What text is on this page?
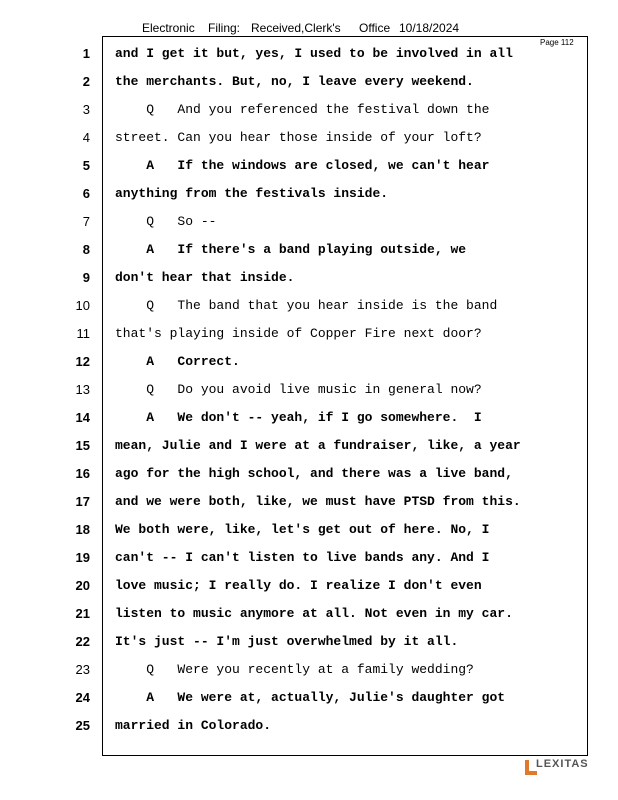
Electronic Filing: Received,Clerk's Office 10/18/2024
Page 112
1 and I get it but, yes, I used to be involved in all
2 the merchants. But, no, I leave every weekend.
3 Q   And you referenced the festival down the
4 street. Can you hear those inside of your loft?
5 A   If the windows are closed, we can't hear
6 anything from the festivals inside.
7 Q   So --
8 A   If there's a band playing outside, we
9 don't hear that inside.
10 Q   The band that you hear inside is the band
11 that's playing inside of Copper Fire next door?
12 A   Correct.
13 Q   Do you avoid live music in general now?
14 A   We don't -- yeah, if I go somewhere.  I
15 mean, Julie and I were at a fundraiser, like, a year
16 ago for the high school, and there was a live band,
17 and we were both, like, we must have PTSD from this.
18 We both were, like, let's get out of here. No, I
19 can't -- I can't listen to live bands any. And I
20 love music; I really do. I realize I don't even
21 listen to music anymore at all. Not even in my car.
22 It's just -- I'm just overwhelmed by it all.
23 Q   Were you recently at a family wedding?
24 A   We were at, actually, Julie's daughter got
25 married in Colorado.
LEXITAS
